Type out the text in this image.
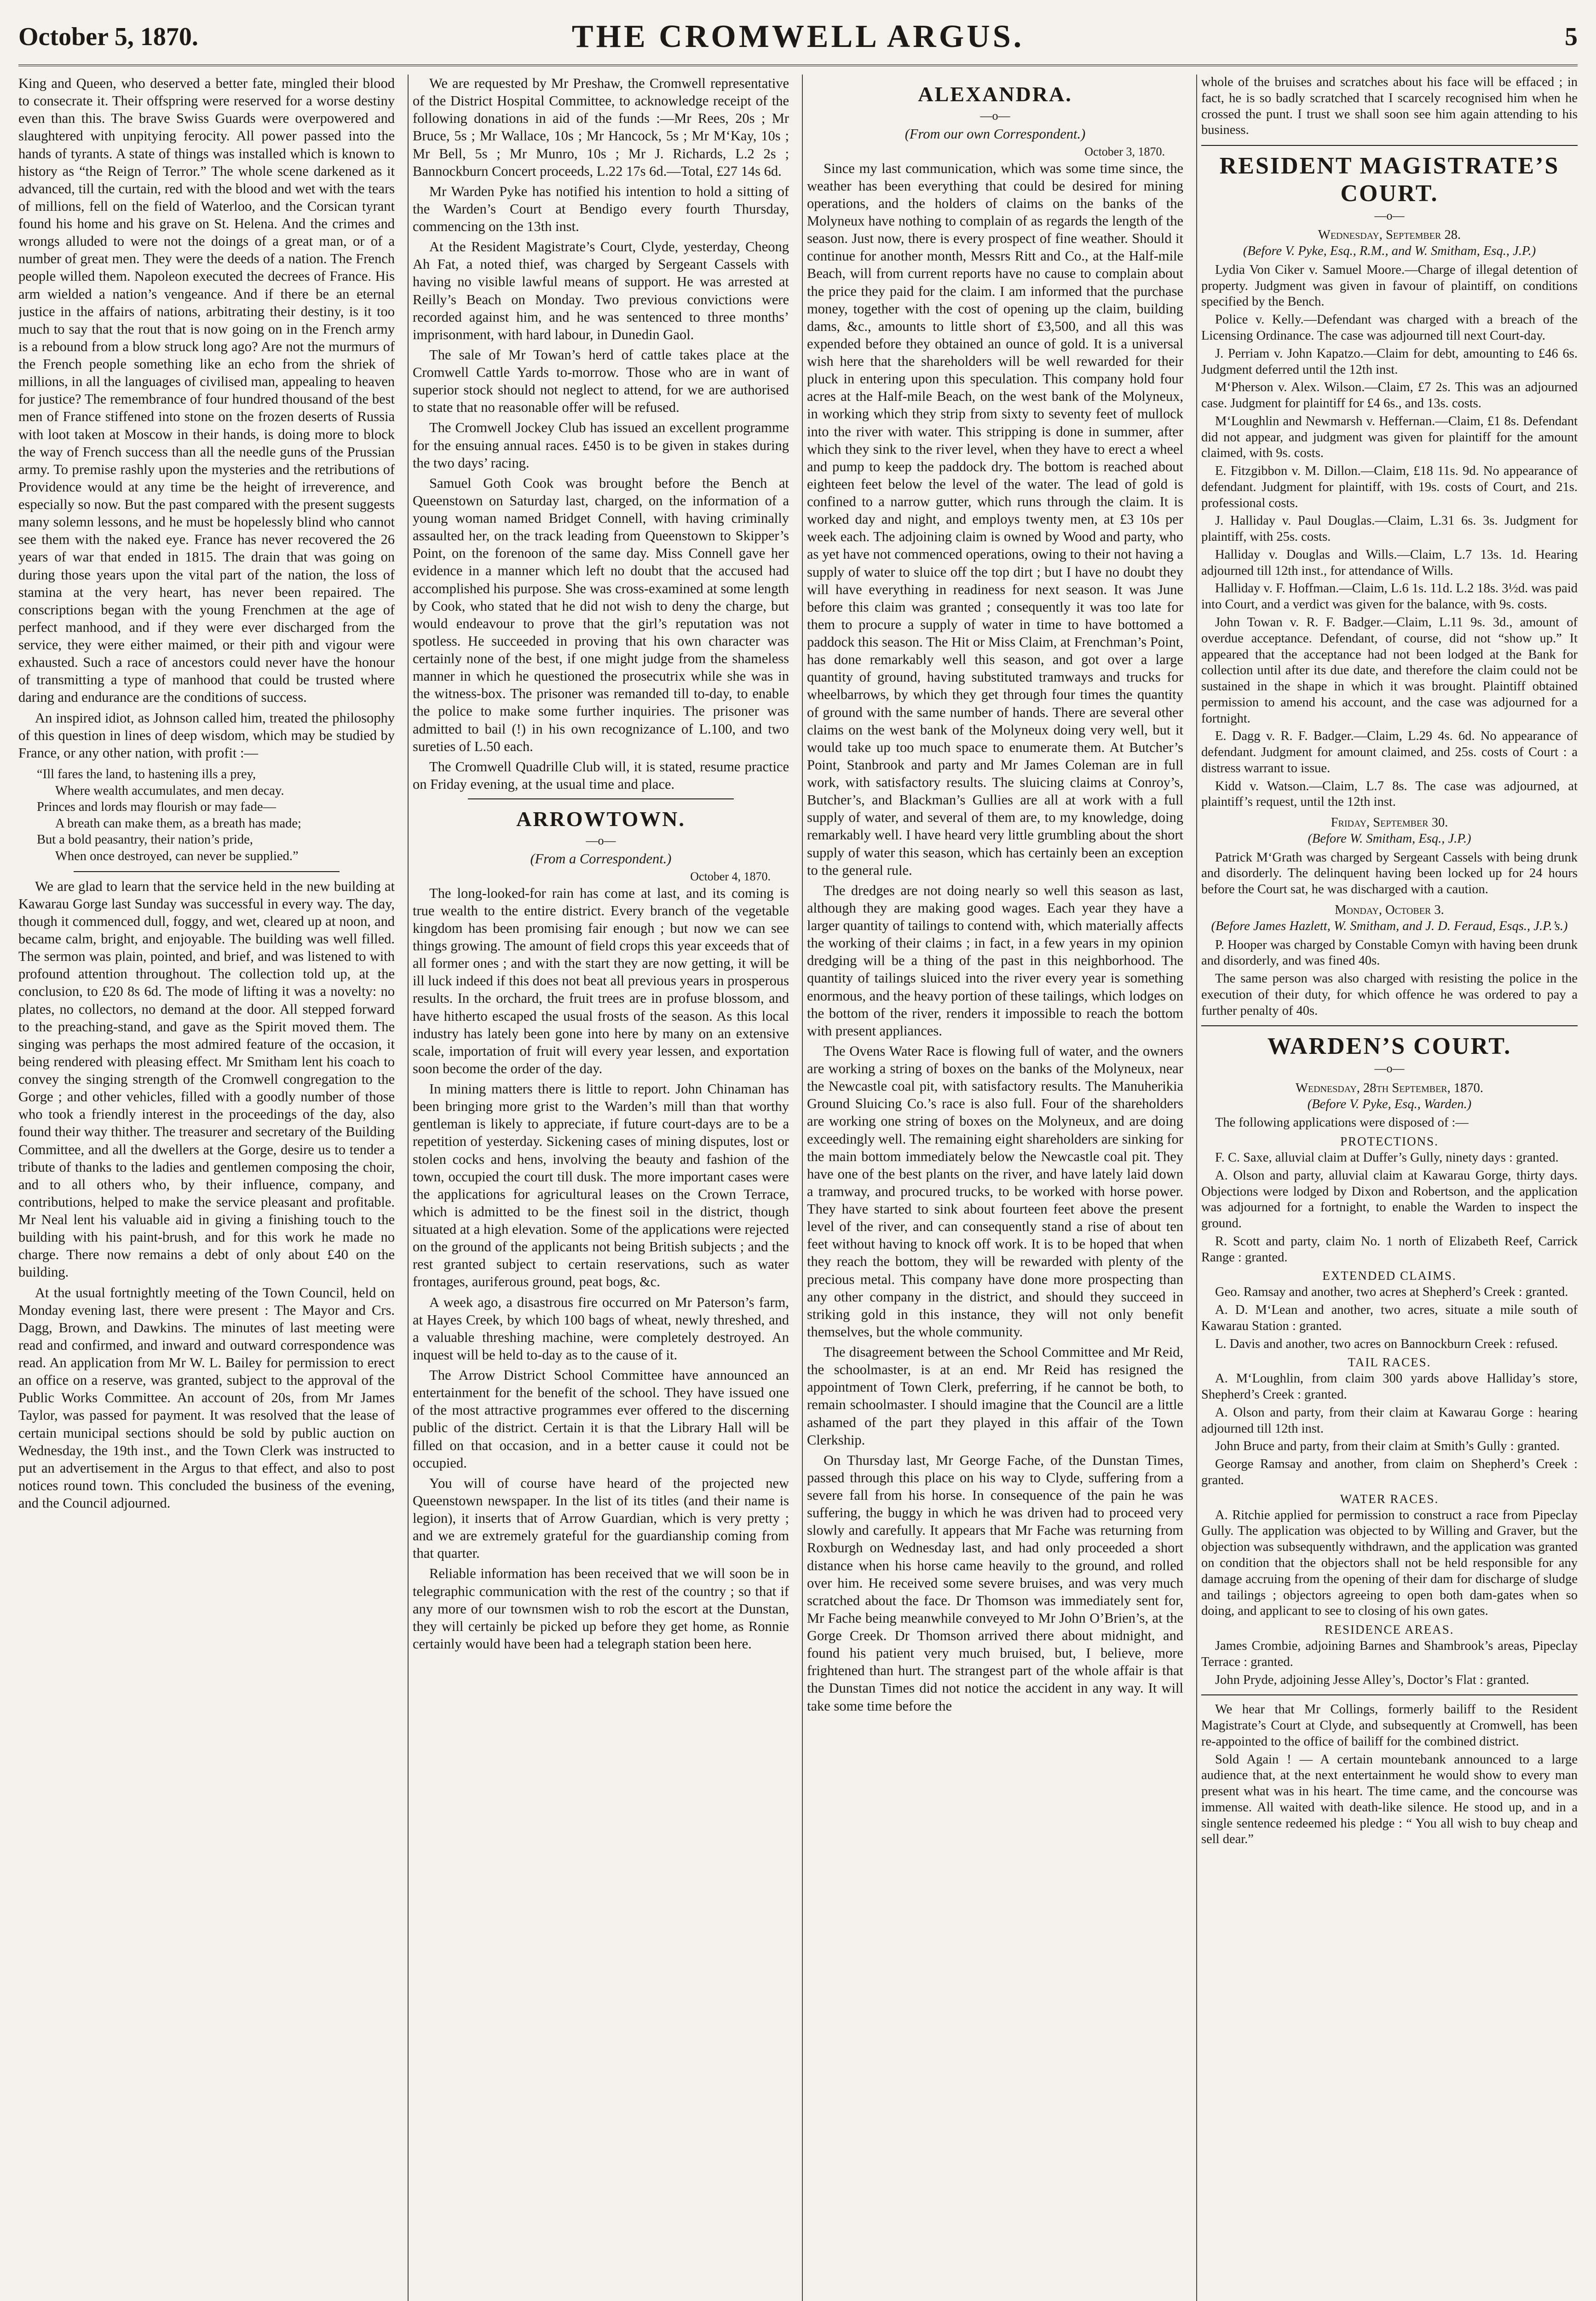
October 5, 1870.	THE CROMWELL ARGUS.	5

King and Queen, who deserved a better fate, mingled their blood to consecrate it. Their offspring were reserved for a worse destiny even than this. The brave Swiss Guards were overpowered and slaughtered with unpitying ferocity. All power passed into the hands of tyrants. A state of things was installed which is known to history as “the Reign of Terror.” The whole scene darkened as it advanced, till the curtain, red with the blood and wet with the tears of millions, fell on the field of Waterloo, and the Corsican tyrant found his home and his grave on St. Helena. And the crimes and wrongs alluded to were not the doings of a great man, or of a number of great men. They were the deeds of a nation. The French people willed them. Napoleon executed the decrees of France. His arm wielded a nation’s vengeance. And if there be an eternal justice in the affairs of nations, arbitrating their destiny, is it too much to say that the rout that is now going on in the French army is a rebound from a blow struck long ago? Are not the murmurs of the French people something like an echo from the shriek of millions, in all the languages of civilised man, appealing to heaven for justice? The remembrance of four hundred thousand of the best men of France stiffened into stone on the frozen deserts of Russia with loot taken at Moscow in their hands, is doing more to block the way of French success than all the needle guns of the Prussian army. To premise rashly upon the mysteries and the retributions of Providence would at any time be the height of irreverence, and especially so now. But the past compared with the present suggests many solemn lessons, and he must be hopelessly blind who cannot see them with the naked eye. France has never recovered the 26 years of war that ended in 1815. The drain that was going on during those years upon the vital part of the nation, the loss of stamina at the very heart, has never been repaired. The conscriptions began with the young Frenchmen at the age of perfect manhood, and if they were ever discharged from the service, they were either maimed, or their pith and vigour were exhausted. Such a race of ancestors could never have the honour of transmitting a type of manhood that could be trusted where daring and endurance are the conditions of success.

An inspired idiot, as Johnson called him, treated the philosophy of this question in lines of deep wisdom, which may be studied by France, or any other nation, with profit :—

“Ill fares the land, to hastening ills a prey,
Where wealth accumulates, and men decay.
Princes and lords may flourish or may fade—
A breath can make them, as a breath has made;
But a bold peasantry, their nation’s pride,
When once destroyed, can never be supplied.”

We are glad to learn that the service held in the new building at Kawarau Gorge last Sunday was successful in every way. The day, though it commenced dull, foggy, and wet, cleared up at noon, and became calm, bright, and enjoyable. The building was well filled. The sermon was plain, pointed, and brief, and was listened to with profound attention throughout. The collection told up, at the conclusion, to £20 8s 6d. The mode of lifting it was a novelty: no plates, no collectors, no demand at the door. All stepped forward to the preaching-stand, and gave as the Spirit moved them. The singing was perhaps the most admired feature of the occasion, it being rendered with pleasing effect. Mr Smitham lent his coach to convey the singing strength of the Cromwell congregation to the Gorge ; and other vehicles, filled with a goodly number of those who took a friendly interest in the proceedings of the day, also found their way thither. The treasurer and secretary of the Building Committee, and all the dwellers at the Gorge, desire us to tender a tribute of thanks to the ladies and gentlemen composing the choir, and to all others who, by their influence, company, and contributions, helped to make the service pleasant and profitable. Mr Neal lent his valuable aid in giving a finishing touch to the building with his paint-brush, and for this work he made no charge. There now remains a debt of only about £40 on the building.

At the usual fortnightly meeting of the Town Council, held on Monday evening last, there were present : The Mayor and Crs. Dagg, Brown, and Dawkins. The minutes of last meeting were read and confirmed, and inward and outward correspondence was read. An application from Mr W. L. Bailey for permission to erect an office on a reserve, was granted, subject to the approval of the Public Works Committee. An account of 20s, from Mr James Taylor, was passed for payment. It was resolved that the lease of certain municipal sections should be sold by public auction on Wednesday, the 19th inst., and the Town Clerk was instructed to put an advertisement in the Argus to that effect, and also to post notices round town. This concluded the business of the evening, and the Council adjourned.

We are requested by Mr Preshaw, the Cromwell representative of the District Hospital Committee, to acknowledge receipt of the following donations in aid of the funds :—Mr Rees, 20s ; Mr Bruce, 5s ; Mr Wallace, 10s ; Mr Hancock, 5s ; Mr M‘Kay, 10s ; Mr Bell, 5s ; Mr Munro, 10s ; Mr J. Richards, L.2 2s ; Bannockburn Concert proceeds, L.22 17s 6d.—Total, £27 14s 6d.

Mr Warden Pyke has notified his intention to hold a sitting of the Warden’s Court at Bendigo every fourth Thursday, commencing on the 13th inst.

At the Resident Magistrate’s Court, Clyde, yesterday, Cheong Ah Fat, a noted thief, was charged by Sergeant Cassels with having no visible lawful means of support. He was arrested at Reilly’s Beach on Monday. Two previous convictions were recorded against him, and he was sentenced to three months’ imprisonment, with hard labour, in Dunedin Gaol.

The sale of Mr Towan’s herd of cattle takes place at the Cromwell Cattle Yards to-morrow. Those who are in want of superior stock should not neglect to attend, for we are authorised to state that no reasonable offer will be refused.

The Cromwell Jockey Club has issued an excellent programme for the ensuing annual races. £450 is to be given in stakes during the two days’ racing.

Samuel Goth Cook was brought before the Bench at Queenstown on Saturday last, charged, on the information of a young woman named Bridget Connell, with having criminally assaulted her, on the track leading from Queenstown to Skipper’s Point, on the forenoon of the same day. Miss Connell gave her evidence in a manner which left no doubt that the accused had accomplished his purpose. She was cross-examined at some length by Cook, who stated that he did not wish to deny the charge, but would endeavour to prove that the girl’s reputation was not spotless. He succeeded in proving that his own character was certainly none of the best, if one might judge from the shameless manner in which he questioned the prosecutrix while she was in the witness-box. The prisoner was remanded till to-day, to enable the police to make some further inquiries. The prisoner was admitted to bail (!) in his own recognizance of L.100, and two sureties of L.50 each.

The Cromwell Quadrille Club will, it is stated, resume practice on Friday evening, at the usual time and place.

ARROWTOWN.
—o—
(From a Correspondent.)
October 4, 1870.

The long-looked-for rain has come at last, and its coming is true wealth to the entire district. Every branch of the vegetable kingdom has been promising fair enough ; but now we can see things growing. The amount of field crops this year exceeds that of all former ones ; and with the start they are now getting, it will be ill luck indeed if this does not beat all previous years in prosperous results. In the orchard, the fruit trees are in profuse blossom, and have hitherto escaped the usual frosts of the season. As this local industry has lately been gone into here by many on an extensive scale, importation of fruit will every year lessen, and exportation soon become the order of the day.

In mining matters there is little to report. John Chinaman has been bringing more grist to the Warden’s mill than that worthy gentleman is likely to appreciate, if future court-days are to be a repetition of yesterday. Sickening cases of mining disputes, lost or stolen cocks and hens, involving the beauty and fashion of the town, occupied the court till dusk. The more important cases were the applications for agricultural leases on the Crown Terrace, which is admitted to be the finest soil in the district, though situated at a high elevation. Some of the applications were rejected on the ground of the applicants not being British subjects ; and the rest granted subject to certain reservations, such as water frontages, auriferous ground, peat bogs, &c.

A week ago, a disastrous fire occurred on Mr Paterson’s farm, at Hayes Creek, by which 100 bags of wheat, newly threshed, and a valuable threshing machine, were completely destroyed. An inquest will be held to-day as to the cause of it.

The Arrow District School Committee have announced an entertainment for the benefit of the school. They have issued one of the most attractive programmes ever offered to the discerning public of the district. Certain it is that the Library Hall will be filled on that occasion, and in a better cause it could not be occupied.

You will of course have heard of the projected new Queenstown newspaper. In the list of its titles (and their name is legion), it inserts that of Arrow Guardian, which is very pretty ; and we are extremely grateful for the guardianship coming from that quarter.

Reliable information has been received that we will soon be in telegraphic communication with the rest of the country ; so that if any more of our townsmen wish to rob the escort at the Dunstan, they will certainly be picked up before they get home, as Ronnie certainly would have been had a telegraph station been here.

ALEXANDRA.
—o—
(From our own Correspondent.)
October 3, 1870.

Since my last communication, which was some time since, the weather has been everything that could be desired for mining operations, and the holders of claims on the banks of the Molyneux have nothing to complain of as regards the length of the season. Just now, there is every prospect of fine weather. Should it continue for another month, Messrs Ritt and Co., at the Half-mile Beach, will from current reports have no cause to complain about the price they paid for the claim. I am informed that the purchase money, together with the cost of opening up the claim, building dams, &c., amounts to little short of £3,500, and all this was expended before they obtained an ounce of gold. It is a universal wish here that the shareholders will be well rewarded for their pluck in entering upon this speculation. This company hold four acres at the Half-mile Beach, on the west bank of the Molyneux, in working which they strip from sixty to seventy feet of mullock into the river with water. This stripping is done in summer, after which they sink to the river level, when they have to erect a wheel and pump to keep the paddock dry. The bottom is reached about eighteen feet below the level of the water. The lead of gold is confined to a narrow gutter, which runs through the claim. It is worked day and night, and employs twenty men, at £3 10s per week each. The adjoining claim is owned by Wood and party, who as yet have not commenced operations, owing to their not having a supply of water to sluice off the top dirt ; but I have no doubt they will have everything in readiness for next season. It was June before this claim was granted ; consequently it was too late for them to procure a supply of water in time to have bottomed a paddock this season. The Hit or Miss Claim, at Frenchman’s Point, has done remarkably well this season, and got over a large quantity of ground, having substituted tramways and trucks for wheelbarrows, by which they get through four times the quantity of ground with the same number of hands. There are several other claims on the west bank of the Molyneux doing very well, but it would take up too much space to enumerate them. At Butcher’s Point, Stanbrook and party and Mr James Coleman are in full work, with satisfactory results. The sluicing claims at Conroy’s, Butcher’s, and Blackman’s Gullies are all at work with a full supply of water, and several of them are, to my knowledge, doing remarkably well. I have heard very little grumbling about the short supply of water this season, which has certainly been an exception to the general rule.

The dredges are not doing nearly so well this season as last, although they are making good wages. Each year they have a larger quantity of tailings to contend with, which materially affects the working of their claims ; in fact, in a few years in my opinion dredging will be a thing of the past in this neighborhood. The quantity of tailings sluiced into the river every year is something enormous, and the heavy portion of these tailings, which lodges on the bottom of the river, renders it impossible to reach the bottom with present appliances.

The Ovens Water Race is flowing full of water, and the owners are working a string of boxes on the banks of the Molyneux, near the Newcastle coal pit, with satisfactory results. The Manuherikia Ground Sluicing Co.’s race is also full. Four of the shareholders are working one string of boxes on the Molyneux, and are doing exceedingly well. The remaining eight shareholders are sinking for the main bottom immediately below the Newcastle coal pit. They have one of the best plants on the river, and have lately laid down a tramway, and procured trucks, to be worked with horse power. They have started to sink about fourteen feet above the present level of the river, and can consequently stand a rise of about ten feet without having to knock off work. It is to be hoped that when they reach the bottom, they will be rewarded with plenty of the precious metal. This company have done more prospecting than any other company in the district, and should they succeed in striking gold in this instance, they will not only benefit themselves, but the whole community.

The disagreement between the School Committee and Mr Reid, the schoolmaster, is at an end. Mr Reid has resigned the appointment of Town Clerk, preferring, if he cannot be both, to remain schoolmaster. I should imagine that the Council are a little ashamed of the part they played in this affair of the Town Clerkship.

On Thursday last, Mr George Fache, of the Dunstan Times, passed through this place on his way to Clyde, suffering from a severe fall from his horse. In consequence of the pain he was suffering, the buggy in which he was driven had to proceed very slowly and carefully. It appears that Mr Fache was returning from Roxburgh on Wednesday last, and had only proceeded a short distance when his horse came heavily to the ground, and rolled over him. He received some severe bruises, and was very much scratched about the face. Dr Thomson was immediately sent for, Mr Fache being meanwhile conveyed to Mr John O’Brien’s, at the Gorge Creek. Dr Thomson arrived there about midnight, and found his patient very much bruised, but, I believe, more frightened than hurt. The strangest part of the whole affair is that the Dunstan Times did not notice the accident in any way. It will take some time before the

whole of the bruises and scratches about his face will be effaced ; in fact, he is so badly scratched that I scarcely recognised him when he crossed the punt. I trust we shall soon see him again attending to his business.

RESIDENT MAGISTRATE’S COURT.
—o—
Wednesday, September 28.
(Before V. Pyke, Esq., R.M., and W. Smitham, Esq., J.P.)

Lydia Von Ciker v. Samuel Moore.—Charge of illegal detention of property. Judgment was given in favour of plaintiff, on conditions specified by the Bench.

Police v. Kelly.—Defendant was charged with a breach of the Licensing Ordinance. The case was adjourned till next Court-day.

J. Perriam v. John Kapatzo.—Claim for debt, amounting to £46 6s. Judgment deferred until the 12th inst.

M‘Pherson v. Alex. Wilson.—Claim, £7 2s. This was an adjourned case. Judgment for plaintiff for £4 6s., and 13s. costs.

M‘Loughlin and Newmarsh v. Heffernan.—Claim, £1 8s. Defendant did not appear, and judgment was given for plaintiff for the amount claimed, with 9s. costs.

E. Fitzgibbon v. M. Dillon.—Claim, £18 11s. 9d. No appearance of defendant. Judgment for plaintiff, with 19s. costs of Court, and 21s. professional costs.

J. Halliday v. Paul Douglas.—Claim, L.31 6s. 3s. Judgment for plaintiff, with 25s. costs.

Halliday v. Douglas and Wills.—Claim, L.7 13s. 1d. Hearing adjourned till 12th inst., for attendance of Wills.

Halliday v. F. Hoffman.—Claim, L.6 1s. 11d. L.2 18s. 3½d. was paid into Court, and a verdict was given for the balance, with 9s. costs.

John Towan v. R. F. Badger.—Claim, L.11 9s. 3d., amount of overdue acceptance. Defendant, of course, did not “show up.” It appeared that the acceptance had not been lodged at the Bank for collection until after its due date, and therefore the claim could not be sustained in the shape in which it was brought. Plaintiff obtained permission to amend his account, and the case was adjourned for a fortnight.

E. Dagg v. R. F. Badger.—Claim, L.29 4s. 6d. No appearance of defendant. Judgment for amount claimed, and 25s. costs of Court : a distress warrant to issue.

Kidd v. Watson.—Claim, L.7 8s. The case was adjourned, at plaintiff’s request, until the 12th inst.

Friday, September 30.
(Before W. Smitham, Esq., J.P.)

Patrick M‘Grath was charged by Sergeant Cassels with being drunk and disorderly. The delinquent having been locked up for 24 hours before the Court sat, he was discharged with a caution.

Monday, October 3.
(Before James Hazlett, W. Smitham, and J. D. Feraud, Esqs., J.P.’s.)

P. Hooper was charged by Constable Comyn with having been drunk and disorderly, and was fined 40s.

The same person was also charged with resisting the police in the execution of their duty, for which offence he was ordered to pay a further penalty of 40s.

WARDEN’S COURT.
—o—
Wednesday, 28th September, 1870.
(Before V. Pyke, Esq., Warden.)

The following applications were disposed of :—

PROTECTIONS.

F. C. Saxe, alluvial claim at Duffer’s Gully, ninety days : granted.

A. Olson and party, alluvial claim at Kawarau Gorge, thirty days. Objections were lodged by Dixon and Robertson, and the application was adjourned for a fortnight, to enable the Warden to inspect the ground.

R. Scott and party, claim No. 1 north of Elizabeth Reef, Carrick Range : granted.

EXTENDED CLAIMS.

Geo. Ramsay and another, two acres at Shepherd’s Creek : granted.

A. D. M‘Lean and another, two acres, situate a mile south of Kawarau Station : granted.

L. Davis and another, two acres on Bannockburn Creek : refused.

TAIL RACES.

A. M‘Loughlin, from claim 300 yards above Halliday’s store, Shepherd’s Creek : granted.

A. Olson and party, from their claim at Kawarau Gorge : hearing adjourned till 12th inst.

John Bruce and party, from their claim at Smith’s Gully : granted.

George Ramsay and another, from claim on Shepherd’s Creek : granted.

WATER RACES.

A. Ritchie applied for permission to construct a race from Pipeclay Gully. The application was objected to by Willing and Graver, but the objection was subsequently withdrawn, and the application was granted on condition that the objectors shall not be held responsible for any damage accruing from the opening of their dam for discharge of sludge and tailings ; objectors agreeing to open both dam-gates when so doing, and applicant to see to closing of his own gates.

RESIDENCE AREAS.

James Crombie, adjoining Barnes and Shambrook’s areas, Pipeclay Terrace : granted.

John Pryde, adjoining Jesse Alley’s, Doctor’s Flat : granted.

We hear that Mr Collings, formerly bailiff to the Resident Magistrate’s Court at Clyde, and subsequently at Cromwell, has been re-appointed to the office of bailiff for the combined district.

Sold Again ! — A certain mountebank announced to a large audience that, at the next entertainment he would show to every man present what was in his heart. The time came, and the concourse was immense. All waited with death-like silence. He stood up, and in a single sentence redeemed his pledge : “ You all wish to buy cheap and sell dear.”
